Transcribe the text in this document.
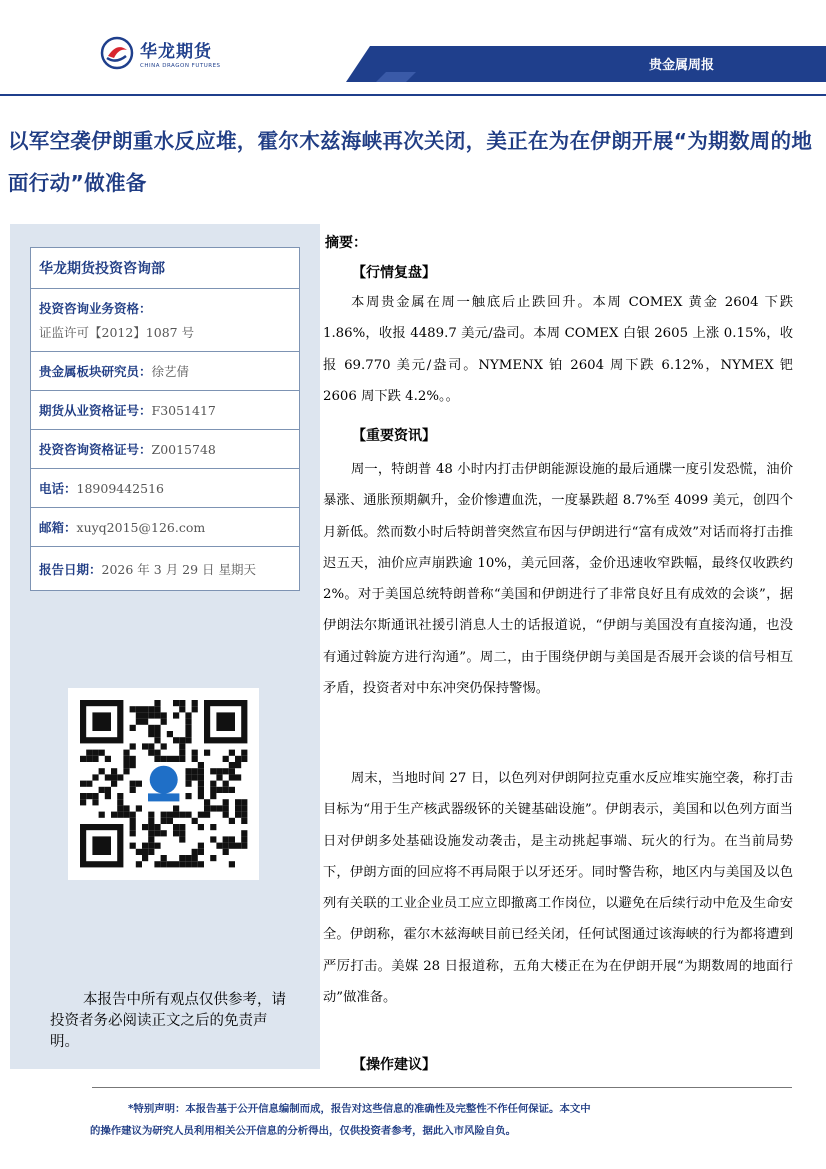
华龙期货
CHINA DRAGON FUTURES	贵金属周报
以军空袭伊朗重水反应堆，霍尔木兹海峡再次关闭，美正在为在伊朗开展“为期数周的地面行动”做准备
华龙期货投资咨询部
投资咨询业务资格：
证监许可【2012】1087 号
贵金属板块研究员： 徐艺倩
期货从业资格证号： F3051417
投资咨询资格证号： Z0015748
电话： 18909442516
邮箱： xuyq2015@126.com
报告日期： 2026 年 3 月 29 日 星期天
本报告中所有观点仅供参考，请投资者务必阅读正文之后的免责声明。
摘要：
【行情复盘】
本周贵金属在周一触底后止跌回升。本周 COMEX 黄金 2604 下跌 1.86%，收报 4489.7 美元/盎司。本周 COMEX 白银 2605 上涨 0.15%，收报 69.770 美元/盎司。NYMENX 铂 2604 周下跌 6.12%，NYMEX 钯 2606 周下跌 4.2%。。
【重要资讯】
周一，特朗普 48 小时内打击伊朗能源设施的最后通牒一度引发恐慌，油价暴涨、通胀预期飙升，金价惨遭血洗，一度暴跌超 8.7%至 4099 美元，创四个月新低。然而数小时后特朗普突然宣布因与伊朗进行“富有成效”对话而将打击推迟五天，油价应声崩跌逾 10%，美元回落，金价迅速收窄跌幅，最终仅收跌约 2%。对于美国总统特朗普称“美国和伊朗进行了非常良好且有成效的会谈”，据伊朗法尔斯通讯社援引消息人士的话报道说，“伊朗与美国没有直接沟通，也没有通过斡旋方进行沟通”。周二，由于围绕伊朗与美国是否展开会谈的信号相互矛盾，投资者对中东冲突仍保持警惕。
周末，当地时间 27 日，以色列对伊朗阿拉克重水反应堆实施空袭，称打击目标为“用于生产核武器级钚的关键基础设施”。伊朗表示，美国和以色列方面当日对伊朗多处基础设施发动袭击，是主动挑起事端、玩火的行为。在当前局势下，伊朗方面的回应将不再局限于以牙还牙。同时警告称，地区内与美国及以色列有关联的工业企业员工应立即撤离工作岗位，以避免在后续行动中危及生命安全。伊朗称，霍尔木兹海峡目前已经关闭，任何试图通过该海峡的行为都将遭到严厉打击。美媒 28 日报道称，五角大楼正在为在伊朗开展“为期数周的地面行动”做准备。
【操作建议】
*特别声明：本报告基于公开信息编制而成，报告对这些信息的准确性及完整性不作任何保证。本文中
的操作建议为研究人员利用相关公开信息的分析得出，仅供投资者参考，据此入市风险自负。
